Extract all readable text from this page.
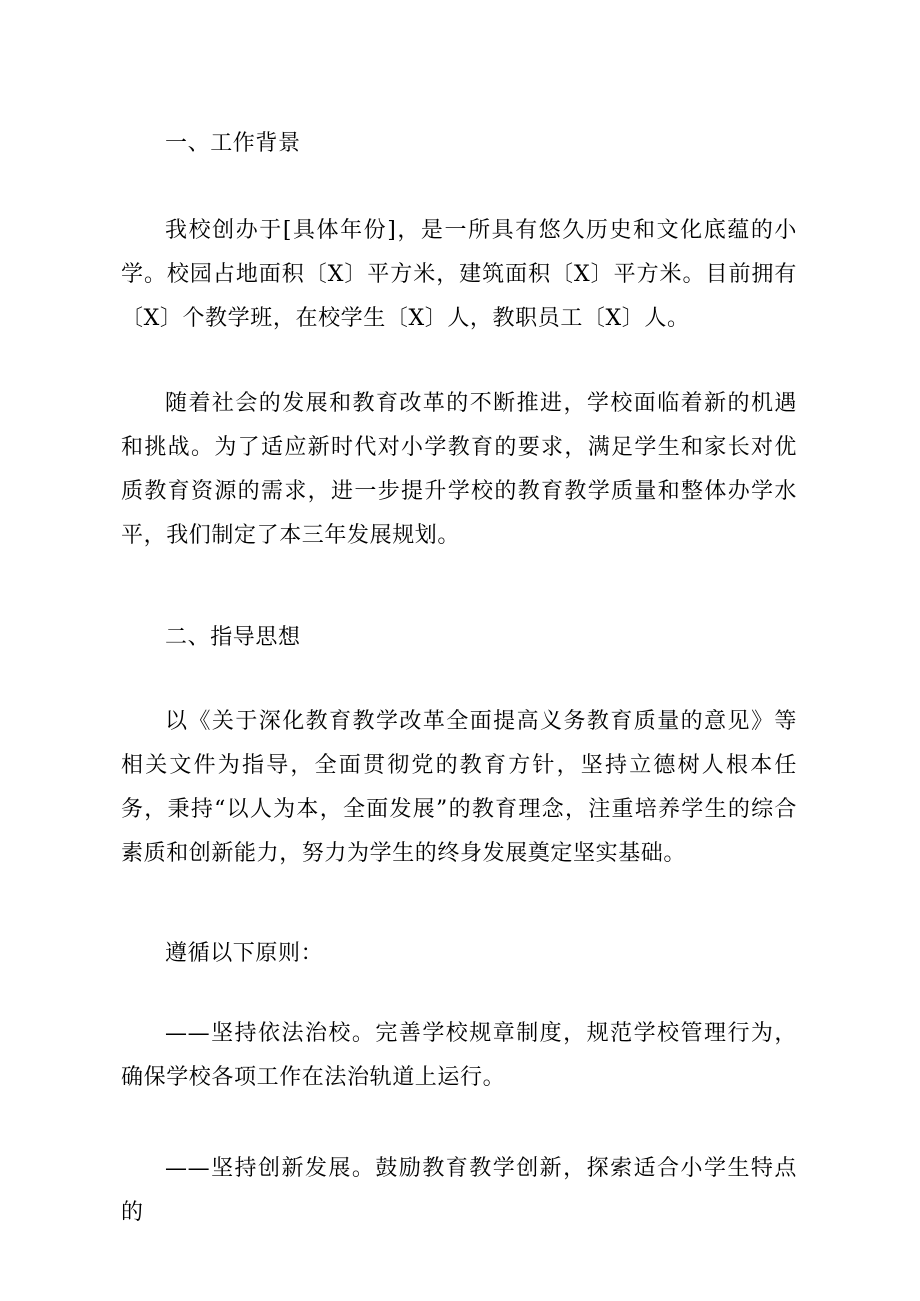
一、工作背景

我校创办于[具体年份]，是一所具有悠久历史和文化底蕴的小学。校园占地面积〔X〕平方米，建筑面积〔X〕平方米。目前拥有〔X〕个教学班，在校学生〔X〕人，教职员工〔X〕人。

随着社会的发展和教育改革的不断推进，学校面临着新的机遇和挑战。为了适应新时代对小学教育的要求，满足学生和家长对优质教育资源的需求，进一步提升学校的教育教学质量和整体办学水平，我们制定了本三年发展规划。

二、指导思想

以《关于深化教育教学改革全面提高义务教育质量的意见》等相关文件为指导，全面贯彻党的教育方针，坚持立德树人根本任务，秉持“以人为本，全面发展”的教育理念，注重培养学生的综合素质和创新能力，努力为学生的终身发展奠定坚实基础。

遵循以下原则：

——坚持依法治校。完善学校规章制度，规范学校管理行为，确保学校各项工作在法治轨道上运行。

——坚持创新发展。鼓励教育教学创新，探索适合小学生特点的
